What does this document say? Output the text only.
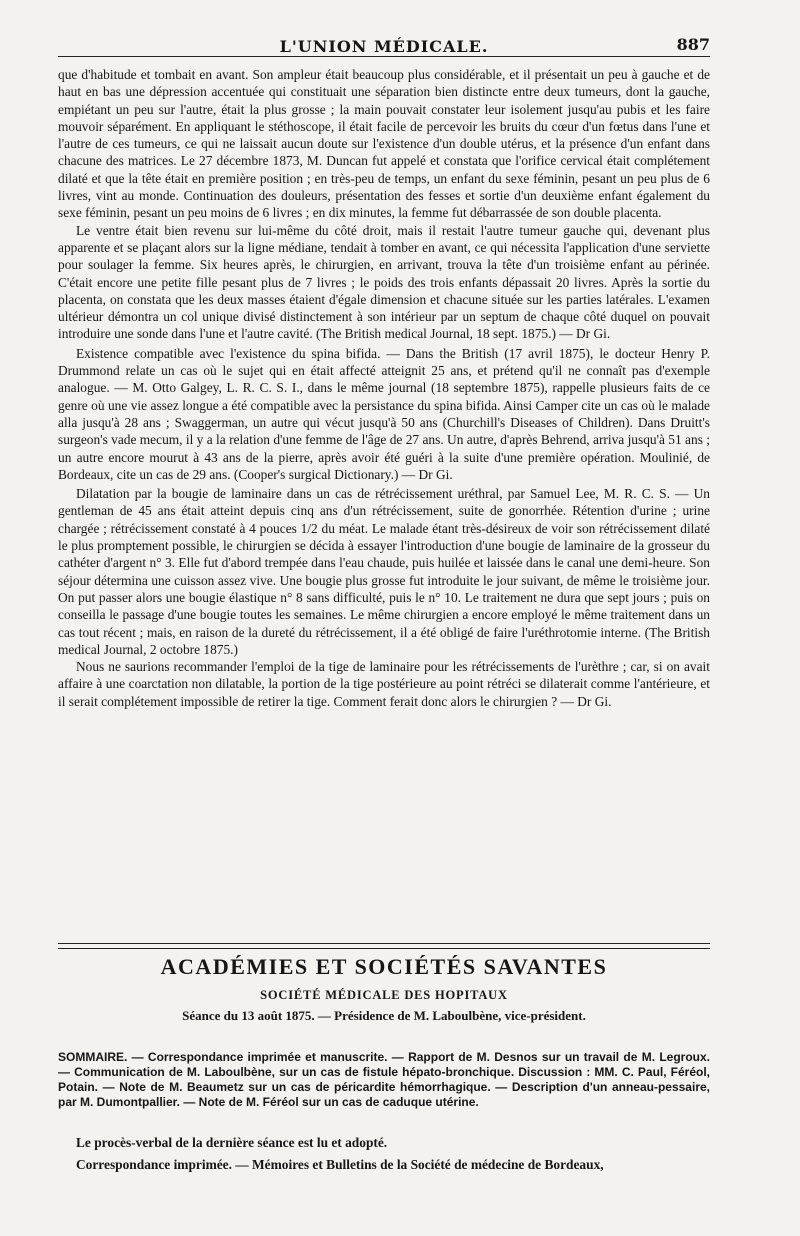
L'UNION MÉDICALE.	887

que d'habitude et tombait en avant. Son ampleur était beaucoup plus considérable, et il présentait un peu à gauche et de haut en bas une dépression accentuée qui constituait une séparation bien distincte entre deux tumeurs, dont la gauche, empiétant un peu sur l'autre, était la plus grosse ; la main pouvait constater leur isolement jusqu'au pubis et les faire mouvoir séparément. En appliquant le stéthoscope, il était facile de percevoir les bruits du cœur d'un fœtus dans l'une et l'autre de ces tumeurs, ce qui ne laissait aucun doute sur l'existence d'un double utérus, et la présence d'un enfant dans chacune des matrices. Le 27 décembre 1873, M. Duncan fut appelé et constata que l'orifice cervical était complétement dilaté et que la tête était en première position ; en très-peu de temps, un enfant du sexe féminin, pesant un peu plus de 6 livres, vint au monde. Continuation des douleurs, présentation des fesses et sortie d'un deuxième enfant également du sexe féminin, pesant un peu moins de 6 livres ; en dix minutes, la femme fut débarrassée de son double placenta.

Le ventre était bien revenu sur lui-même du côté droit, mais il restait l'autre tumeur gauche qui, devenant plus apparente et se plaçant alors sur la ligne médiane, tendait à tomber en avant, ce qui nécessita l'application d'une serviette pour soulager la femme. Six heures après, le chirurgien, en arrivant, trouva la tête d'un troisième enfant au périnée. C'était encore une petite fille pesant plus de 7 livres ; le poids des trois enfants dépassait 20 livres. Après la sortie du placenta, on constata que les deux masses étaient d'égale dimension et chacune située sur les parties latérales. L'examen ultérieur démontra un col unique divisé distinctement à son intérieur par un septum de chaque côté duquel on pouvait introduire une sonde dans l'une et l'autre cavité. (The British medical Journal, 18 sept. 1875.) — Dr Gi.

Existence compatible avec l'existence du spina bifida. — Dans the British (17 avril 1875), le docteur Henry P. Drummond relate un cas où le sujet qui en était affecté atteignit 25 ans, et prétend qu'il ne connaît pas d'exemple analogue. — M. Otto Galgey, L. R. C. S. I., dans le même journal (18 septembre 1875), rappelle plusieurs faits de ce genre où une vie assez longue a été compatible avec la persistance du spina bifida. Ainsi Camper cite un cas où le malade alla jusqu'à 28 ans ; Swaggerman, un autre qui vécut jusqu'à 50 ans (Churchill's Diseases of Children). Dans Druitt's surgeon's vade mecum, il y a la relation d'une femme de l'âge de 27 ans. Un autre, d'après Behrend, arriva jusqu'à 51 ans ; un autre encore mourut à 43 ans de la pierre, après avoir été guéri à la suite d'une première opération. Moulinié, de Bordeaux, cite un cas de 29 ans. (Cooper's surgical Dictionary.) — Dr Gi.

Dilatation par la bougie de laminaire dans un cas de rétrécissement uréthral, par Samuel Lee, M. R. C. S. — Un gentleman de 45 ans était atteint depuis cinq ans d'un rétrécissement, suite de gonorrhée. Rétention d'urine ; urine chargée ; rétrécissement constaté à 4 pouces 1/2 du méat. Le malade étant très-désireux de voir son rétrécissement dilaté le plus promptement possible, le chirurgien se décida à essayer l'introduction d'une bougie de laminaire de la grosseur du cathéter d'argent n° 3. Elle fut d'abord trempée dans l'eau chaude, puis huilée et laissée dans le canal une demi-heure. Son séjour détermina une cuisson assez vive. Une bougie plus grosse fut introduite le jour suivant, de même le troisième jour. On put passer alors une bougie élastique n° 8 sans difficulté, puis le n° 10. Le traitement ne dura que sept jours ; puis on conseilla le passage d'une bougie toutes les semaines. Le même chirurgien a encore employé le même traitement dans un cas tout récent ; mais, en raison de la dureté du rétrécissement, il a été obligé de faire l'uréthrotomie interne. (The British medical Journal, 2 octobre 1875.)

Nous ne saurions recommander l'emploi de la tige de laminaire pour les rétrécissements de l'urèthre ; car, si on avait affaire à une coarctation non dilatable, la portion de la tige postérieure au point rétréci se dilaterait comme l'antérieure, et il serait complétement impossible de retirer la tige. Comment ferait donc alors le chirurgien ? — Dr Gi.

ACADÉMIES ET SOCIÉTÉS SAVANTES
SOCIÉTÉ MÉDICALE DES HOPITAUX
Séance du 13 août 1875. — Présidence de M. Laboulbène, vice-président.
SOMMAIRE. — Correspondance imprimée et manuscrite. — Rapport de M. Desnos sur un travail de M. Legroux. — Communication de M. Laboulbène, sur un cas de fistule hépato-bronchique. Discussion : MM. C. Paul, Féréol, Potain. — Note de M. Beaumetz sur un cas de péricardite hémorrhagique. — Description d'un anneau-pessaire, par M. Dumontpallier. — Note de M. Féréol sur un cas de caduque utérine.

Le procès-verbal de la dernière séance est lu et adopté.

Correspondance imprimée. — Mémoires et Bulletins de la Société de médecine de Bordeaux,
